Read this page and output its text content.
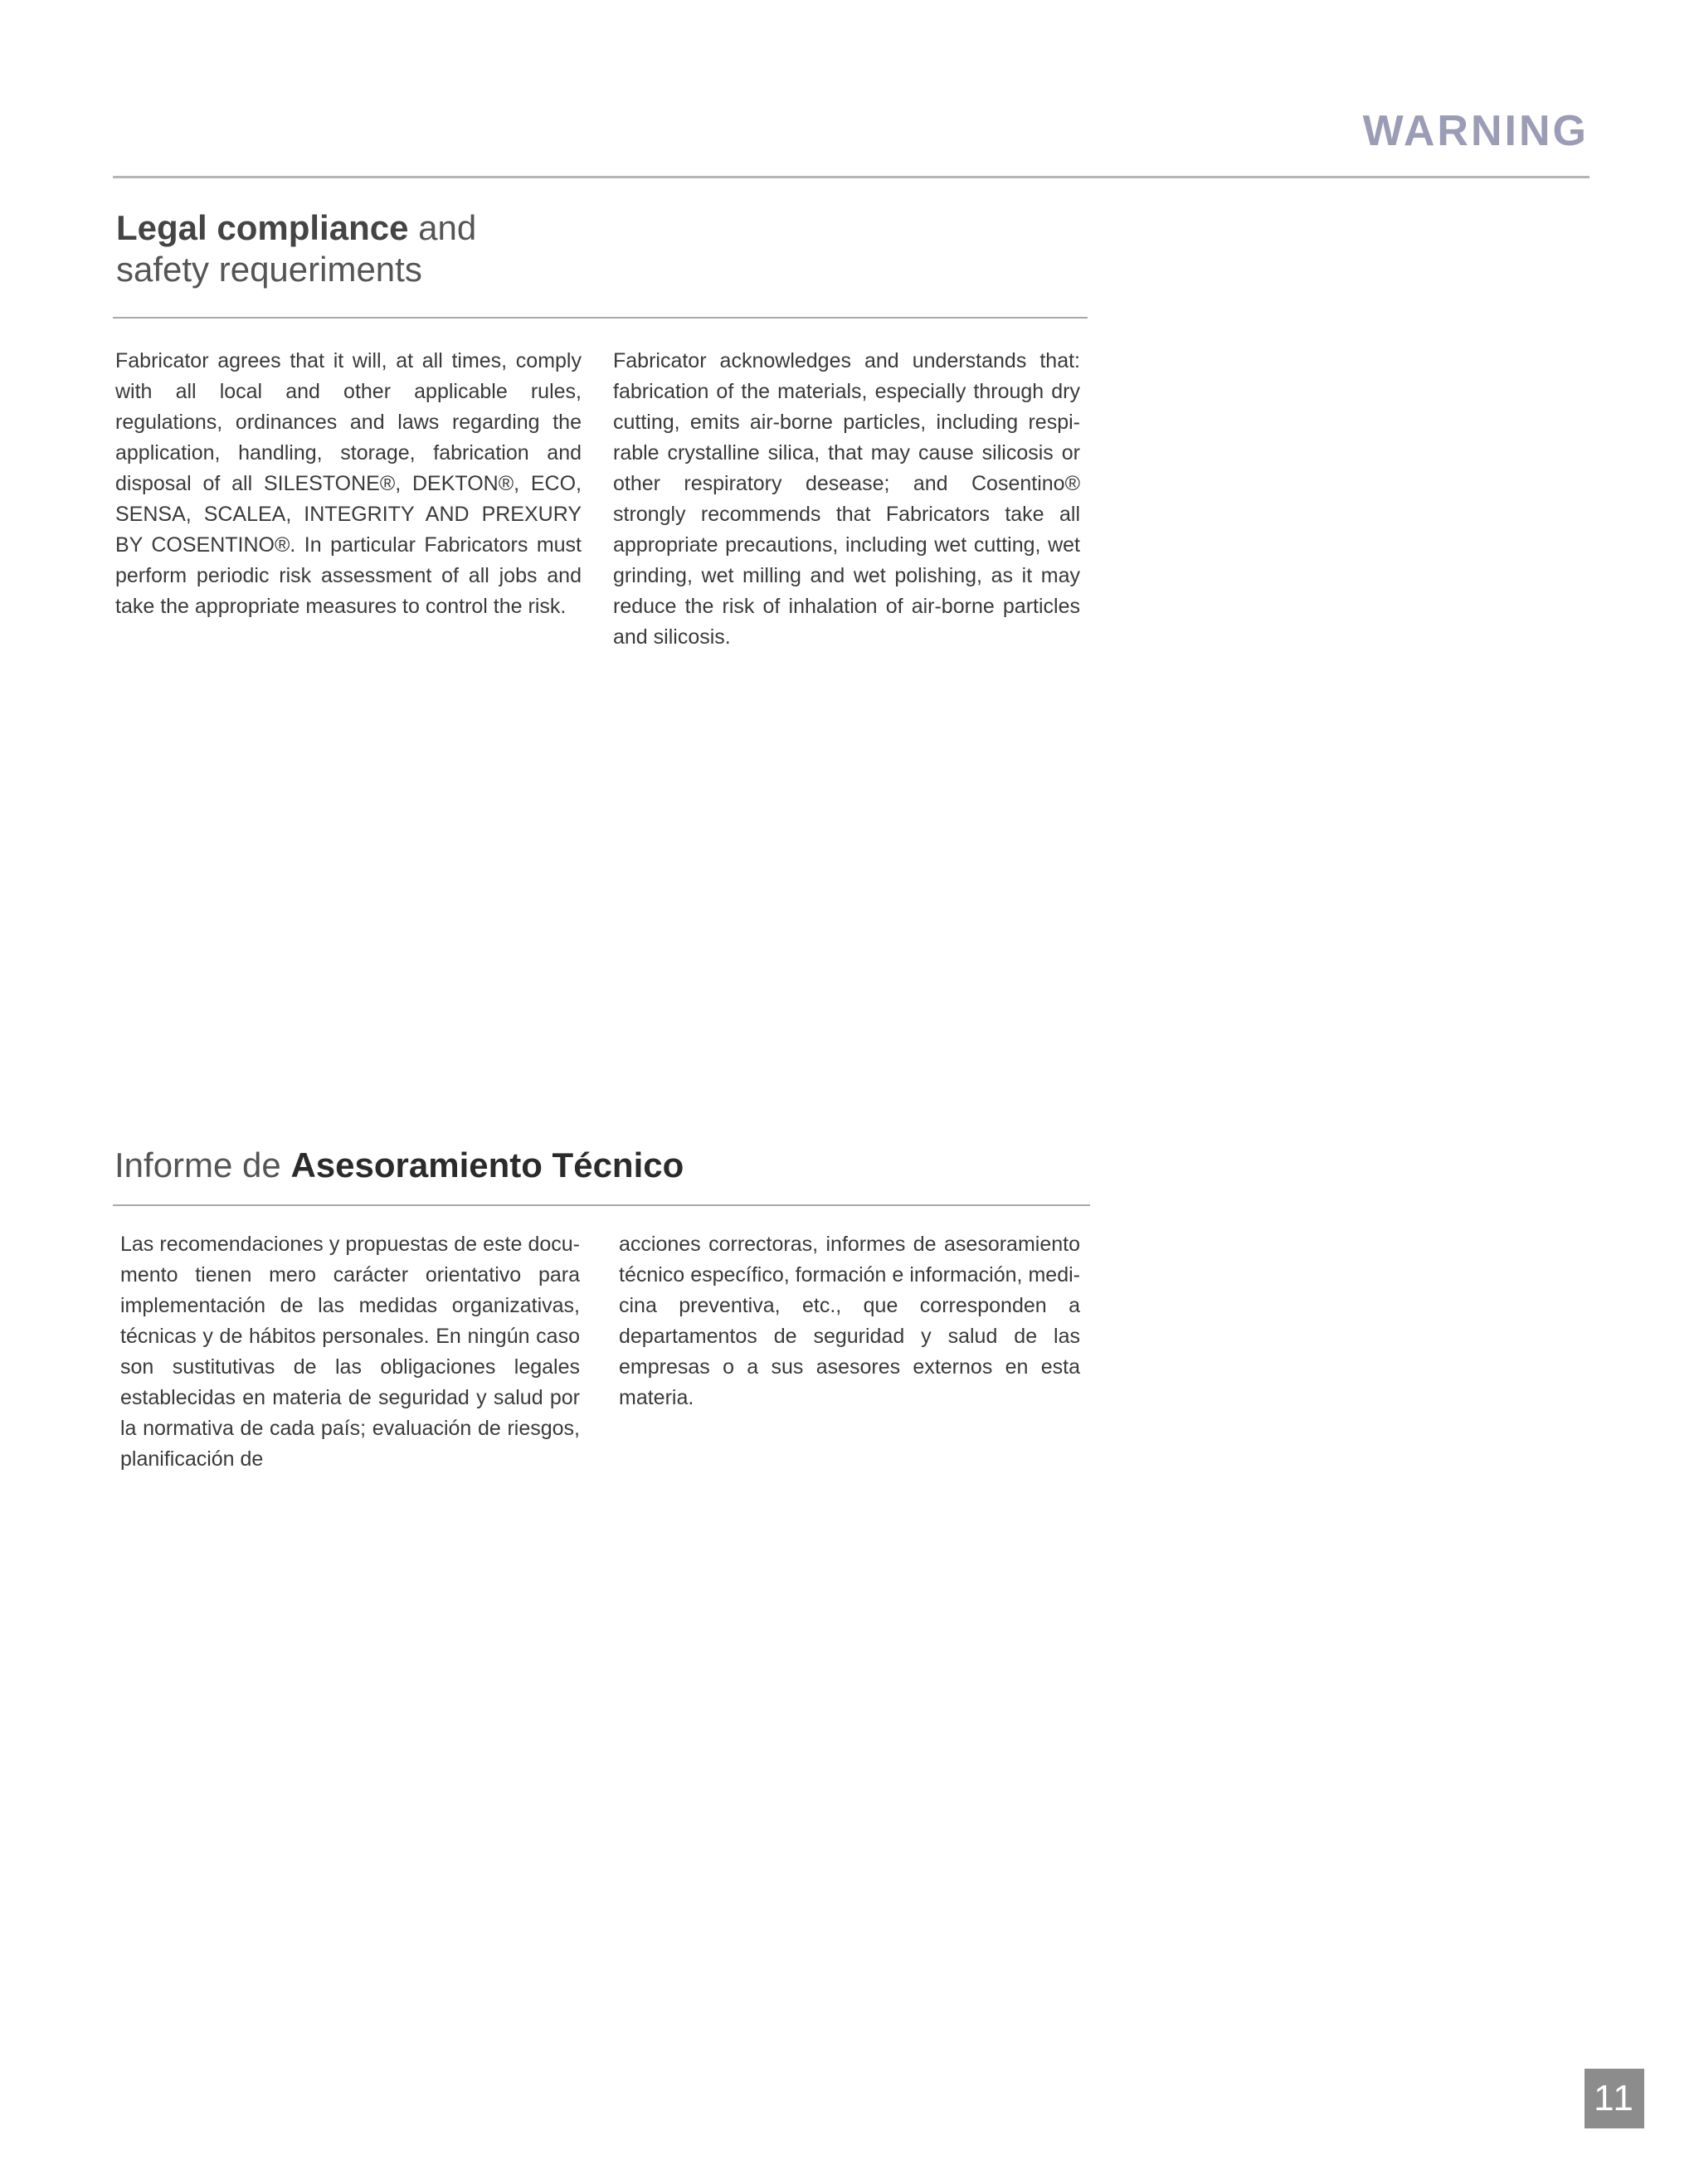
WARNING
Legal compliance and
safety requeriments
Fabricator agrees that it will, at all times, comply with all local and other applicable rules, regulations, ordinances and laws regarding the application, handling, storage, fabrication and disposal of all SILESTONE®, DEKTON®, ECO, SENSA, SCALEA, INTEGRITY AND PREXURY BY COSENTINO®. In particular Fabricators must perform periodic risk assessment of all jobs and take the appropriate measures to control the risk.
Fabricator acknowledges and understands that: fabrication of the materials, especially through dry cutting, emits air-borne particles, including respirable crystalline silica, that may cause silicosis or other respiratory desease; and Cosentino® strongly recommends that Fabricators take all appropriate precautions, including wet cutting, wet grinding, wet milling and wet polishing, as it may reduce the risk of inhalation of air-borne particles and silicosis.
Informe de Asesoramiento Técnico
Las recomendaciones y propuestas de este documento tienen mero carácter orientativo para implementación de las medidas organizativas, técnicas y de hábitos personales. En ningún caso son sustitutivas de las obligaciones legales establecidas en materia de seguridad y salud por la normativa de cada país; evaluación de riesgos, planificación de
acciones correctoras, informes de asesoramiento técnico específico, formación e información, medicina preventiva, etc., que corresponden a departamentos de seguridad y salud de las empresas o a sus asesores externos en esta materia.
11
